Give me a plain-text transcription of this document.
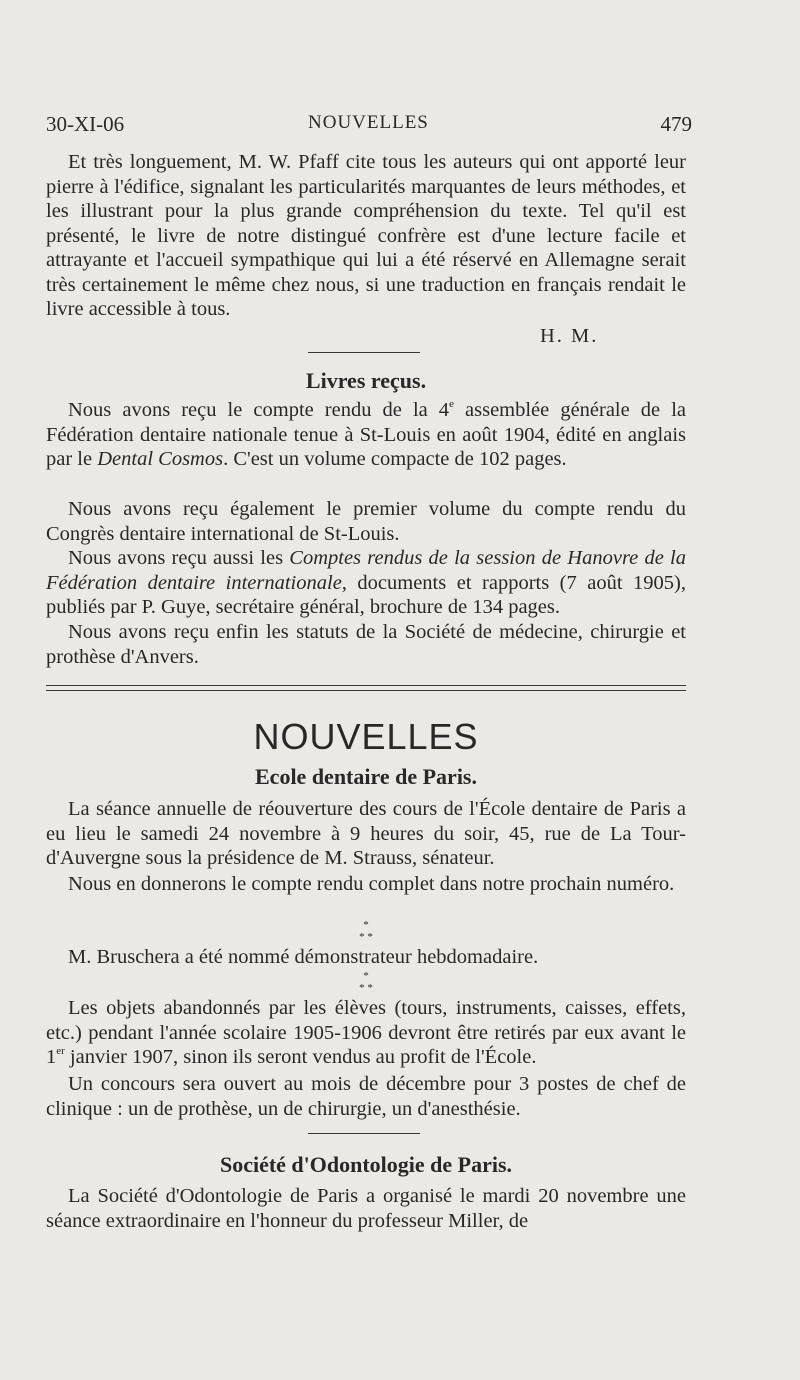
30-XI-06	NOUVELLES	479
Et très longuement, M. W. Pfaff cite tous les auteurs qui ont apporté leur pierre à l'édifice, signalant les particularités marquantes de leurs méthodes, et les illustrant pour la plus grande compréhension du texte. Tel qu'il est présenté, le livre de notre distingué confrère est d'une lecture facile et attrayante et l'accueil sympathique qui lui a été réservé en Allemagne serait très certainement le même chez nous, si une traduction en français rendait le livre accessible à tous.
H. M.
Livres reçus.
Nous avons reçu le compte rendu de la 4e assemblée générale de la Fédération dentaire nationale tenue à St-Louis en août 1904, édité en anglais par le Dental Cosmos. C'est un volume compacte de 102 pages.
Nous avons reçu également le premier volume du compte rendu du Congrès dentaire international de St-Louis.
Nous avons reçu aussi les Comptes rendus de la session de Hanovre de la Fédération dentaire internationale, documents et rapports (7 août 1905), publiés par P. Guye, secrétaire général, brochure de 134 pages.
Nous avons reçu enfin les statuts de la Société de médecine, chirurgie et prothèse d'Anvers.
NOUVELLES
Ecole dentaire de Paris.
La séance annuelle de réouverture des cours de l'École dentaire de Paris a eu lieu le samedi 24 novembre à 9 heures du soir, 45, rue de La Tour-d'Auvergne sous la présidence de M. Strauss, sénateur.
Nous en donnerons le compte rendu complet dans notre prochain numéro.
*
* *
M. Bruschera a été nommé démonstrateur hebdomadaire.
*
* *
Les objets abandonnés par les élèves (tours, instruments, caisses, effets, etc.) pendant l'année scolaire 1905-1906 devront être retirés par eux avant le 1er janvier 1907, sinon ils seront vendus au profit de l'École.
Un concours sera ouvert au mois de décembre pour 3 postes de chef de clinique : un de prothèse, un de chirurgie, un d'anesthésie.
Société d'Odontologie de Paris.
La Société d'Odontologie de Paris a organisé le mardi 20 novembre une séance extraordinaire en l'honneur du professeur Miller, de
